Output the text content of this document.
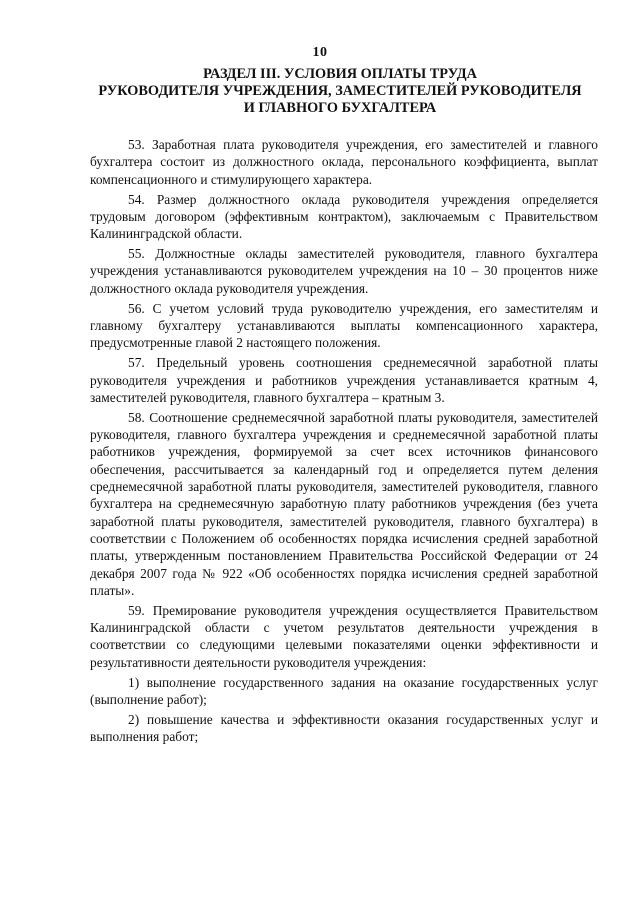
10
РАЗДЕЛ III. УСЛОВИЯ ОПЛАТЫ ТРУДА
РУКОВОДИТЕЛЯ УЧРЕЖДЕНИЯ, ЗАМЕСТИТЕЛЕЙ РУКОВОДИТЕЛЯ
И ГЛАВНОГО БУХГАЛТЕРА

53. Заработная плата руководителя учреждения, его заместителей и главного бухгалтера состоит из должностного оклада, персонального коэффициента, выплат компенсационного и стимулирующего характера.

54. Размер должностного оклада руководителя учреждения определяется трудовым договором (эффективным контрактом), заключаемым с Правительством Калининградской области.

55. Должностные оклады заместителей руководителя, главного бухгалтера учреждения устанавливаются руководителем учреждения на 10 – 30 процентов ниже должностного оклада руководителя учреждения.

56. С учетом условий труда руководителю учреждения, его заместителям и главному бухгалтеру устанавливаются выплаты компенсационного характера, предусмотренные главой 2 настоящего положения.

57. Предельный уровень соотношения среднемесячной заработной платы руководителя учреждения и работников учреждения устанавливается кратным 4, заместителей руководителя, главного бухгалтера – кратным 3.

58. Соотношение среднемесячной заработной платы руководителя, заместителей руководителя, главного бухгалтера учреждения и среднемесячной заработной платы работников учреждения, формируемой за счет всех источников финансового обеспечения, рассчитывается за календарный год и определяется путем деления среднемесячной заработной платы руководителя, заместителей руководителя, главного бухгалтера на среднемесячную заработную плату работников учреждения (без учета заработной платы руководителя, заместителей руководителя, главного бухгалтера) в соответствии с Положением об особенностях порядка исчисления средней заработной платы, утвержденным постановлением Правительства Российской Федерации от 24 декабря 2007 года № 922 «Об особенностях порядка исчисления средней заработной платы».

59. Премирование руководителя учреждения осуществляется Правительством Калининградской области с учетом результатов деятельности учреждения в соответствии со следующими целевыми показателями оценки эффективности и результативности деятельности руководителя учреждения:

1) выполнение государственного задания на оказание государственных услуг (выполнение работ);

2) повышение качества и эффективности оказания государственных услуг и выполнения работ;
